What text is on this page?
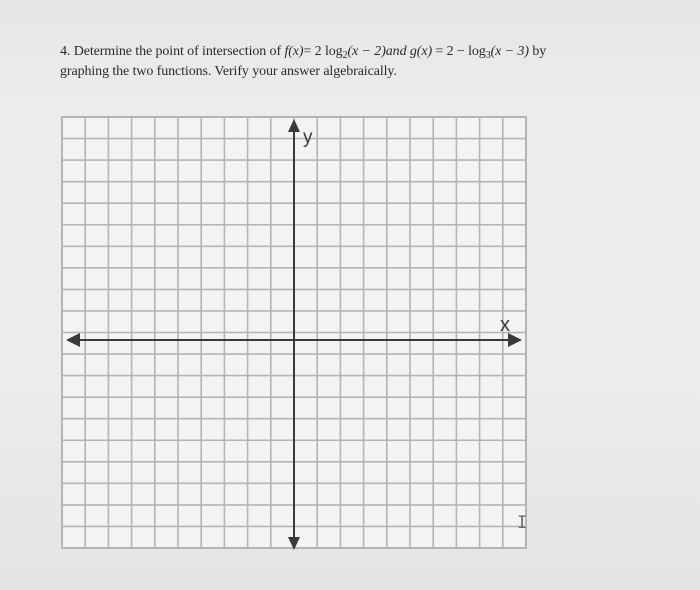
4. Determine the point of intersection of f(x)= 2 $\log_2(x - 2)and$ $g(x) = 2 - \log_3(x - 3)$ by
graphing the two functions. Verify your answer algebraically.
y
x
I
